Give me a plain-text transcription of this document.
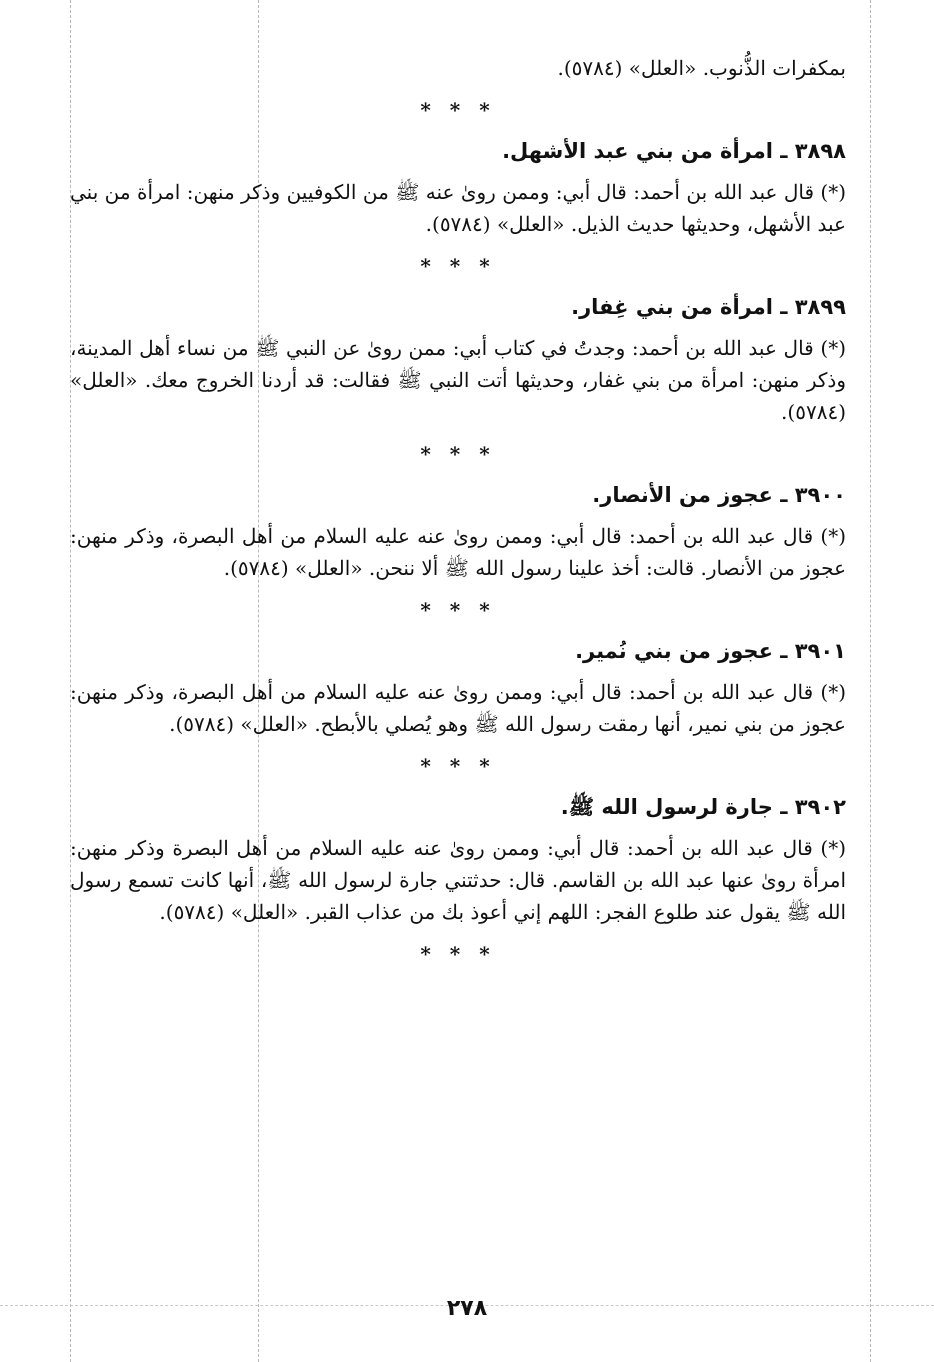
بمكفرات الذُّنوب. «العلل» (٥٧٨٤).

* * *
٣٨٩٨ ـ امرأة من بني عبد الأشهل.

(*) قال عبد الله بن أحمد: قال أبي: وممن روىٰ عنه ﷺ من الكوفيين وذكر منهن: امرأة من بني عبد الأشهل، وحديثها حديث الذيل. «العلل» (٥٧٨٤).

* * *
٣٨٩٩ ـ امرأة من بني غِفار.

(*) قال عبد الله بن أحمد: وجدتُ في كتاب أبي: ممن روىٰ عن النبي ﷺ من نساء أهل المدينة، وذكر منهن: امرأة من بني غفار، وحديثها أتت النبي ﷺ فقالت: قد أردنا الخروج معك. «العلل» (٥٧٨٤).

* * *
٣٩٠٠ ـ عجوز من الأنصار.

(*) قال عبد الله بن أحمد: قال أبي: وممن روىٰ عنه عليه السلام من أهل البصرة، وذكر منهن: عجوز من الأنصار. قالت: أخذ علينا رسول الله ﷺ ألا ننحن. «العلل» (٥٧٨٤).

* * *
٣٩٠١ ـ عجوز من بني نُمير.

(*) قال عبد الله بن أحمد: قال أبي: وممن روىٰ عنه عليه السلام من أهل البصرة، وذكر منهن: عجوز من بني نمير، أنها رمقت رسول الله ﷺ وهو يُصلي بالأبطح. «العلل» (٥٧٨٤).

* * *
٣٩٠٢ ـ جارة لرسول الله ﷺ.

(*) قال عبد الله بن أحمد: قال أبي: وممن روىٰ عنه عليه السلام من أهل البصرة وذكر منهن: امرأة روىٰ عنها عبد الله بن القاسم. قال: حدثتني جارة لرسول الله ﷺ، أنها كانت تسمع رسول الله ﷺ يقول عند طلوع الفجر: اللهم إني أعوذ بك من عذاب القبر. «العلل» (٥٧٨٤).

* * *
٢٧٨
